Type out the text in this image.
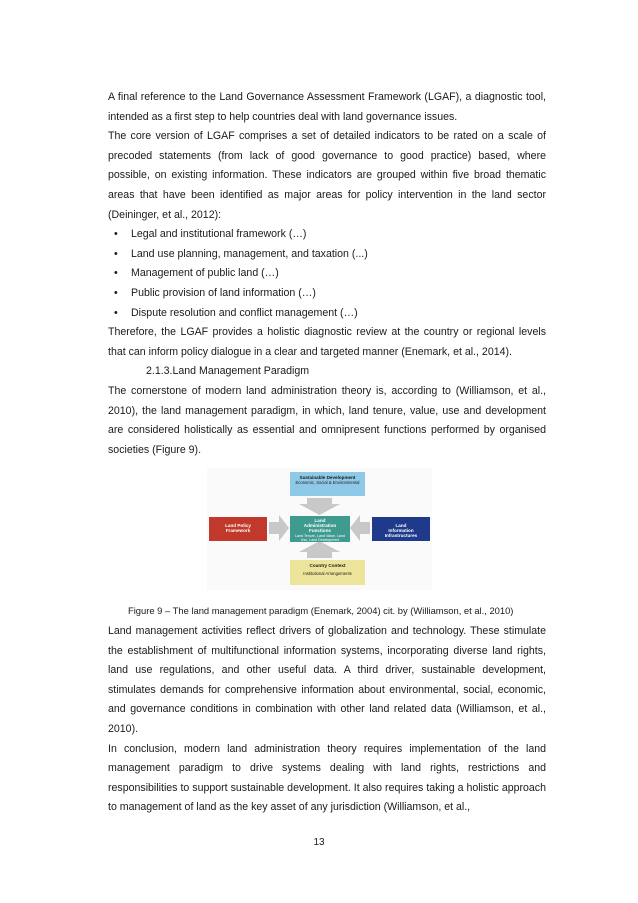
A final reference to the Land Governance Assessment Framework (LGAF), a diagnostic tool, intended as a first step to help countries deal with land governance issues.

The core version of LGAF comprises a set of detailed indicators to be rated on a scale of precoded statements (from lack of good governance to good practice) based, where possible, on existing information. These indicators are grouped within five broad thematic areas that have been identified as major areas for policy intervention in the land sector (Deininger, et al., 2012):

• Legal and institutional framework (…)
• Land use planning, management, and taxation (...)
• Management of public land (…)
• Public provision of land information (…)
• Dispute resolution and conflict management (…)

Therefore, the LGAF provides a holistic diagnostic review at the country or regional levels that can inform policy dialogue in a clear and targeted manner (Enemark, et al., 2014).

2.1.3.Land Management Paradigm

The cornerstone of modern land administration theory is, according to (Williamson, et al., 2010), the land management paradigm, in which, land tenure, value, use and development are considered holistically as essential and omnipresent functions performed by organised societies (Figure 9).

Sustainable Development
Economic, Social & Environmental
Land Policy Framework
Land Administration Functions
Land Tenure, Land Value, Land Use, Land Development
Land Information Infrastructures
Country Context
Institutional Arrangements
Figure 9 – The land management paradigm (Enemark, 2004) cit. by (Williamson, et al., 2010)

Land management activities reflect drivers of globalization and technology. These stimulate the establishment of multifunctional information systems, incorporating diverse land rights, land use regulations, and other useful data. A third driver, sustainable development, stimulates demands for comprehensive information about environmental, social, economic, and governance conditions in combination with other land related data (Williamson, et al., 2010).

In conclusion, modern land administration theory requires implementation of the land management paradigm to drive systems dealing with land rights, restrictions and responsibilities to support sustainable development. It also requires taking a holistic approach to management of land as the key asset of any jurisdiction (Williamson, et al.,

13
